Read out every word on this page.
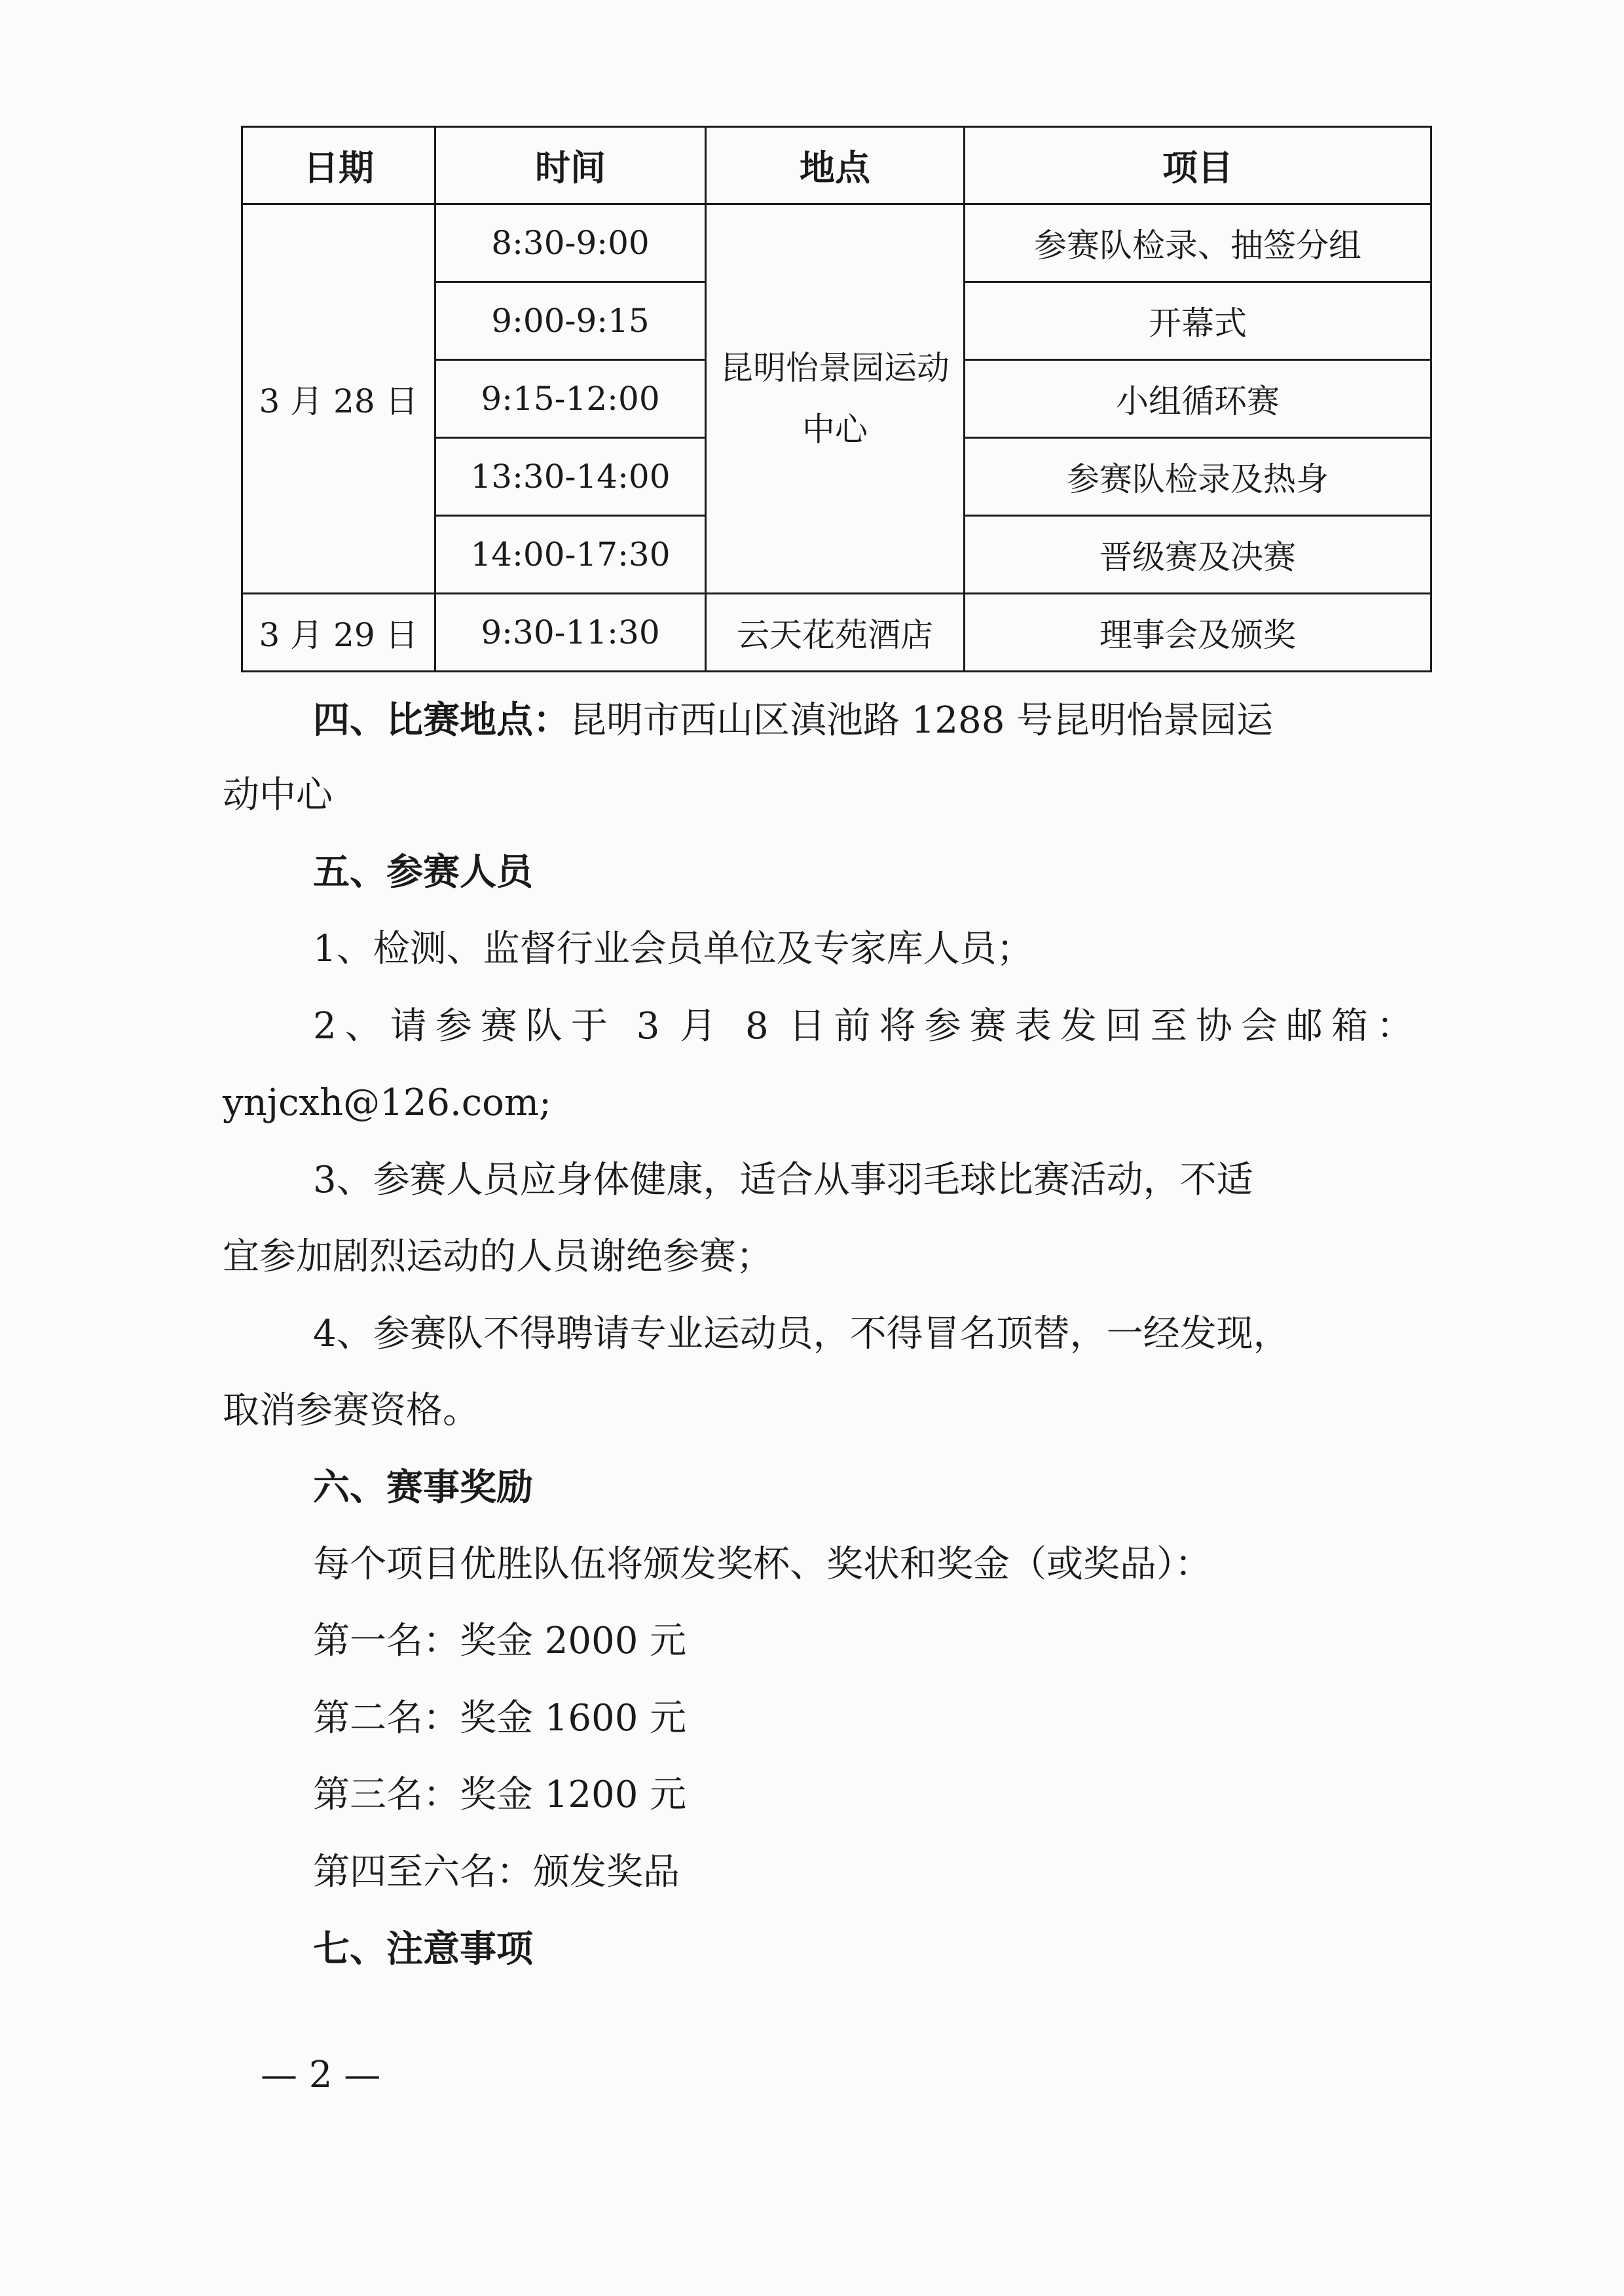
日期	时间	地点	项目
3 月 28 日	8:30-9:00	昆明怡景园运动中心	参赛队检录、抽签分组
	9:00-9:15		开幕式
	9:15-12:00		小组循环赛
	13:30-14:00		参赛队检录及热身
	14:00-17:30		晋级赛及决赛
3 月 29 日	9:30-11:30	云天花苑酒店	理事会及颁奖
四、比赛地点：昆明市西山区滇池路 1288 号昆明怡景园运
动中心
五、参赛人员
1、检测、监督行业会员单位及专家库人员；
2、请参赛队于 3 月 8 日前将参赛表发回至协会邮箱：
ynjcxh@126.com;
3、参赛人员应身体健康，适合从事羽毛球比赛活动，不适
宜参加剧烈运动的人员谢绝参赛；
4、参赛队不得聘请专业运动员，不得冒名顶替，一经发现，
取消参赛资格。
六、赛事奖励
每个项目优胜队伍将颁发奖杯、奖状和奖金（或奖品）：
第一名：奖金 2000 元
第二名：奖金 1600 元
第三名：奖金 1200 元
第四至六名：颁发奖品
七、注意事项
— 2 —
